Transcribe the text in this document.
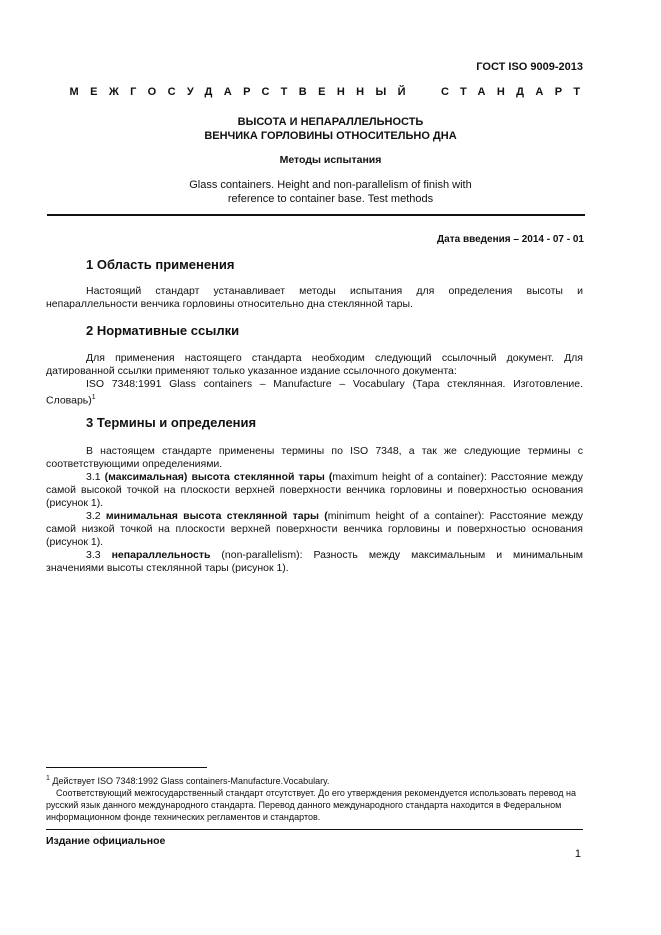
ГОСТ ISO 9009-2013
МЕЖГОСУДАРСТВЕННЫЙ СТАНДАРТ
ВЫСОТА И НЕПАРАЛЛЕЛЬНОСТЬ
ВЕНЧИКА ГОРЛОВИНЫ ОТНОСИТЕЛЬНО ДНА
Методы испытания
Glass containers. Height and non-parallelism of finish with
reference to container base. Test methods
Дата введения – 2014 - 07 - 01
1 Область применения

Настоящий стандарт устанавливает методы испытания для определения высоты и непараллельности венчика горловины относительно дна стеклянной тары.

2 Нормативные ссылки

Для применения настоящего стандарта необходим следующий ссылочный документ. Для датированной ссылки применяют только указанное издание ссылочного документа:

ISO 7348:1991 Glass containers – Manufacture – Vocabulary (Тара стеклянная. Изготовление. Словарь)$^1$

3 Термины и определения

В настоящем стандарте применены термины по ISO 7348, а так же следующие термины с соответствующими определениями.

3.1 (максимальная) высота стеклянной тары (maximum height of a container): Расстояние между самой высокой точкой на плоскости верхней поверхности венчика горловины и поверхностью основания (рисунок 1).

3.2 минимальная высота стеклянной тары (minimum height of a container): Расстояние между самой низкой точкой на плоскости верхней поверхности венчика горловины и поверхностью основания (рисунок 1).

3.3 непараллельность (non-parallelism): Разность между максимальным и минимальным значениями высоты стеклянной тары (рисунок 1).

$^1$ Действует ISO 7348:1992 Glass containers-Manufacture.Vocabulary.

Соответствующий межгосударственный стандарт отсутствует. До его утверждения рекомендуется использовать перевод на русский язык данного международного стандарта. Перевод данного международного стандарта находится в Федеральном информационном фонде технических регламентов и стандартов.

Издание официальное
1
